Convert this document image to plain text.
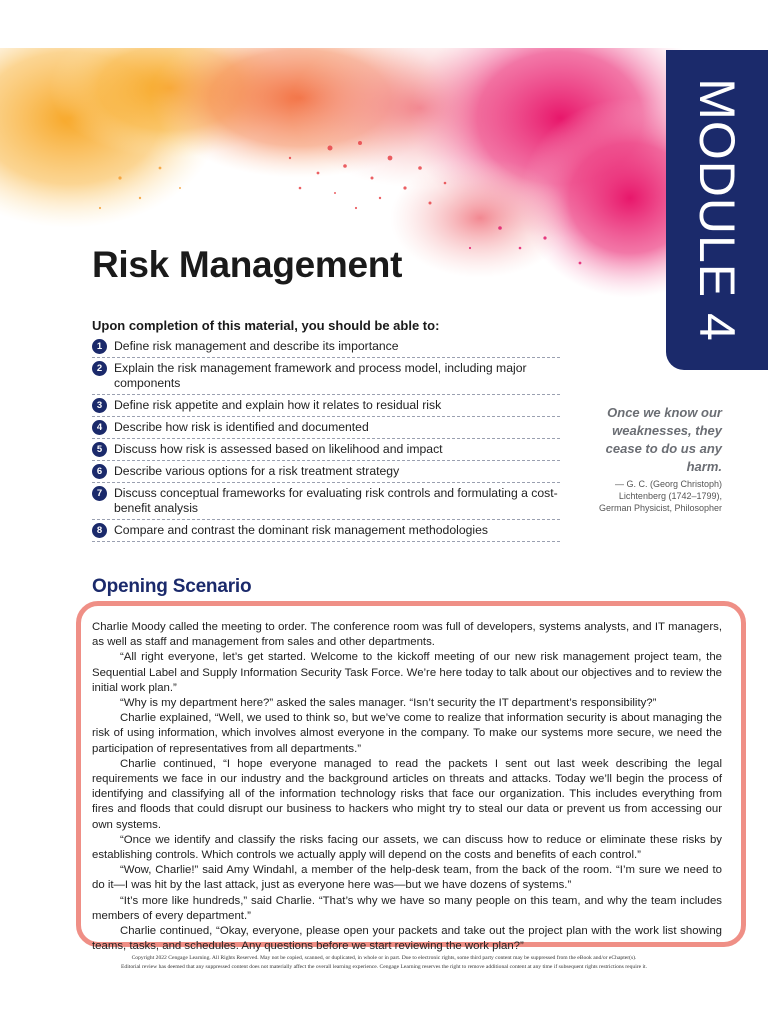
MODULE 4
Risk Management
Upon completion of this material, you should be able to:
1 Define risk management and describe its importance
2 Explain the risk management framework and process model, including major components
3 Define risk appetite and explain how it relates to residual risk
4 Describe how risk is identified and documented
5 Discuss how risk is assessed based on likelihood and impact
6 Describe various options for a risk treatment strategy
7 Discuss conceptual frameworks for evaluating risk controls and formulating a cost-benefit analysis
8 Compare and contrast the dominant risk management methodologies
Once we know our weaknesses, they cease to do us any harm.
— G. C. (Georg Christoph)
Lichtenberg (1742–1799),
German Physicist, Philosopher
Opening Scenario

Charlie Moody called the meeting to order. The conference room was full of developers, systems analysts, and IT managers, as well as staff and management from sales and other departments.

“All right everyone, let’s get started. Welcome to the kickoff meeting of our new risk management project team, the Sequential Label and Supply Information Security Task Force. We’re here today to talk about our objectives and to review the initial work plan.”

“Why is my department here?” asked the sales manager. “Isn’t security the IT department’s responsibility?”

Charlie explained, “Well, we used to think so, but we’ve come to realize that information security is about managing the risk of using information, which involves almost everyone in the company. To make our systems more secure, we need the participation of representatives from all departments.”

Charlie continued, “I hope everyone managed to read the packets I sent out last week describing the legal requirements we face in our industry and the background articles on threats and attacks. Today we’ll begin the process of identifying and classifying all of the information technology risks that face our organization. This includes everything from fires and floods that could disrupt our business to hackers who might try to steal our data or prevent us from accessing our own systems.

“Once we identify and classify the risks facing our assets, we can discuss how to reduce or eliminate these risks by establishing controls. Which controls we actually apply will depend on the costs and benefits of each control.”

“Wow, Charlie!” said Amy Windahl, a member of the help-desk team, from the back of the room. “I’m sure we need to do it—I was hit by the last attack, just as everyone here was—but we have dozens of systems.”

“It’s more like hundreds,” said Charlie. “That’s why we have so many people on this team, and why the team includes members of every department.”

Charlie continued, “Okay, everyone, please open your packets and take out the project plan with the work list showing teams, tasks, and schedules. Any questions before we start reviewing the work plan?”

Copyright 2022 Cengage Learning. All Rights Reserved. May not be copied, scanned, or duplicated, in whole or in part. Due to electronic rights, some third party content may be suppressed from the eBook and/or eChapter(s).
Editorial review has deemed that any suppressed content does not materially affect the overall learning experience. Cengage Learning reserves the right to remove additional content at any time if subsequent rights restrictions require it.
